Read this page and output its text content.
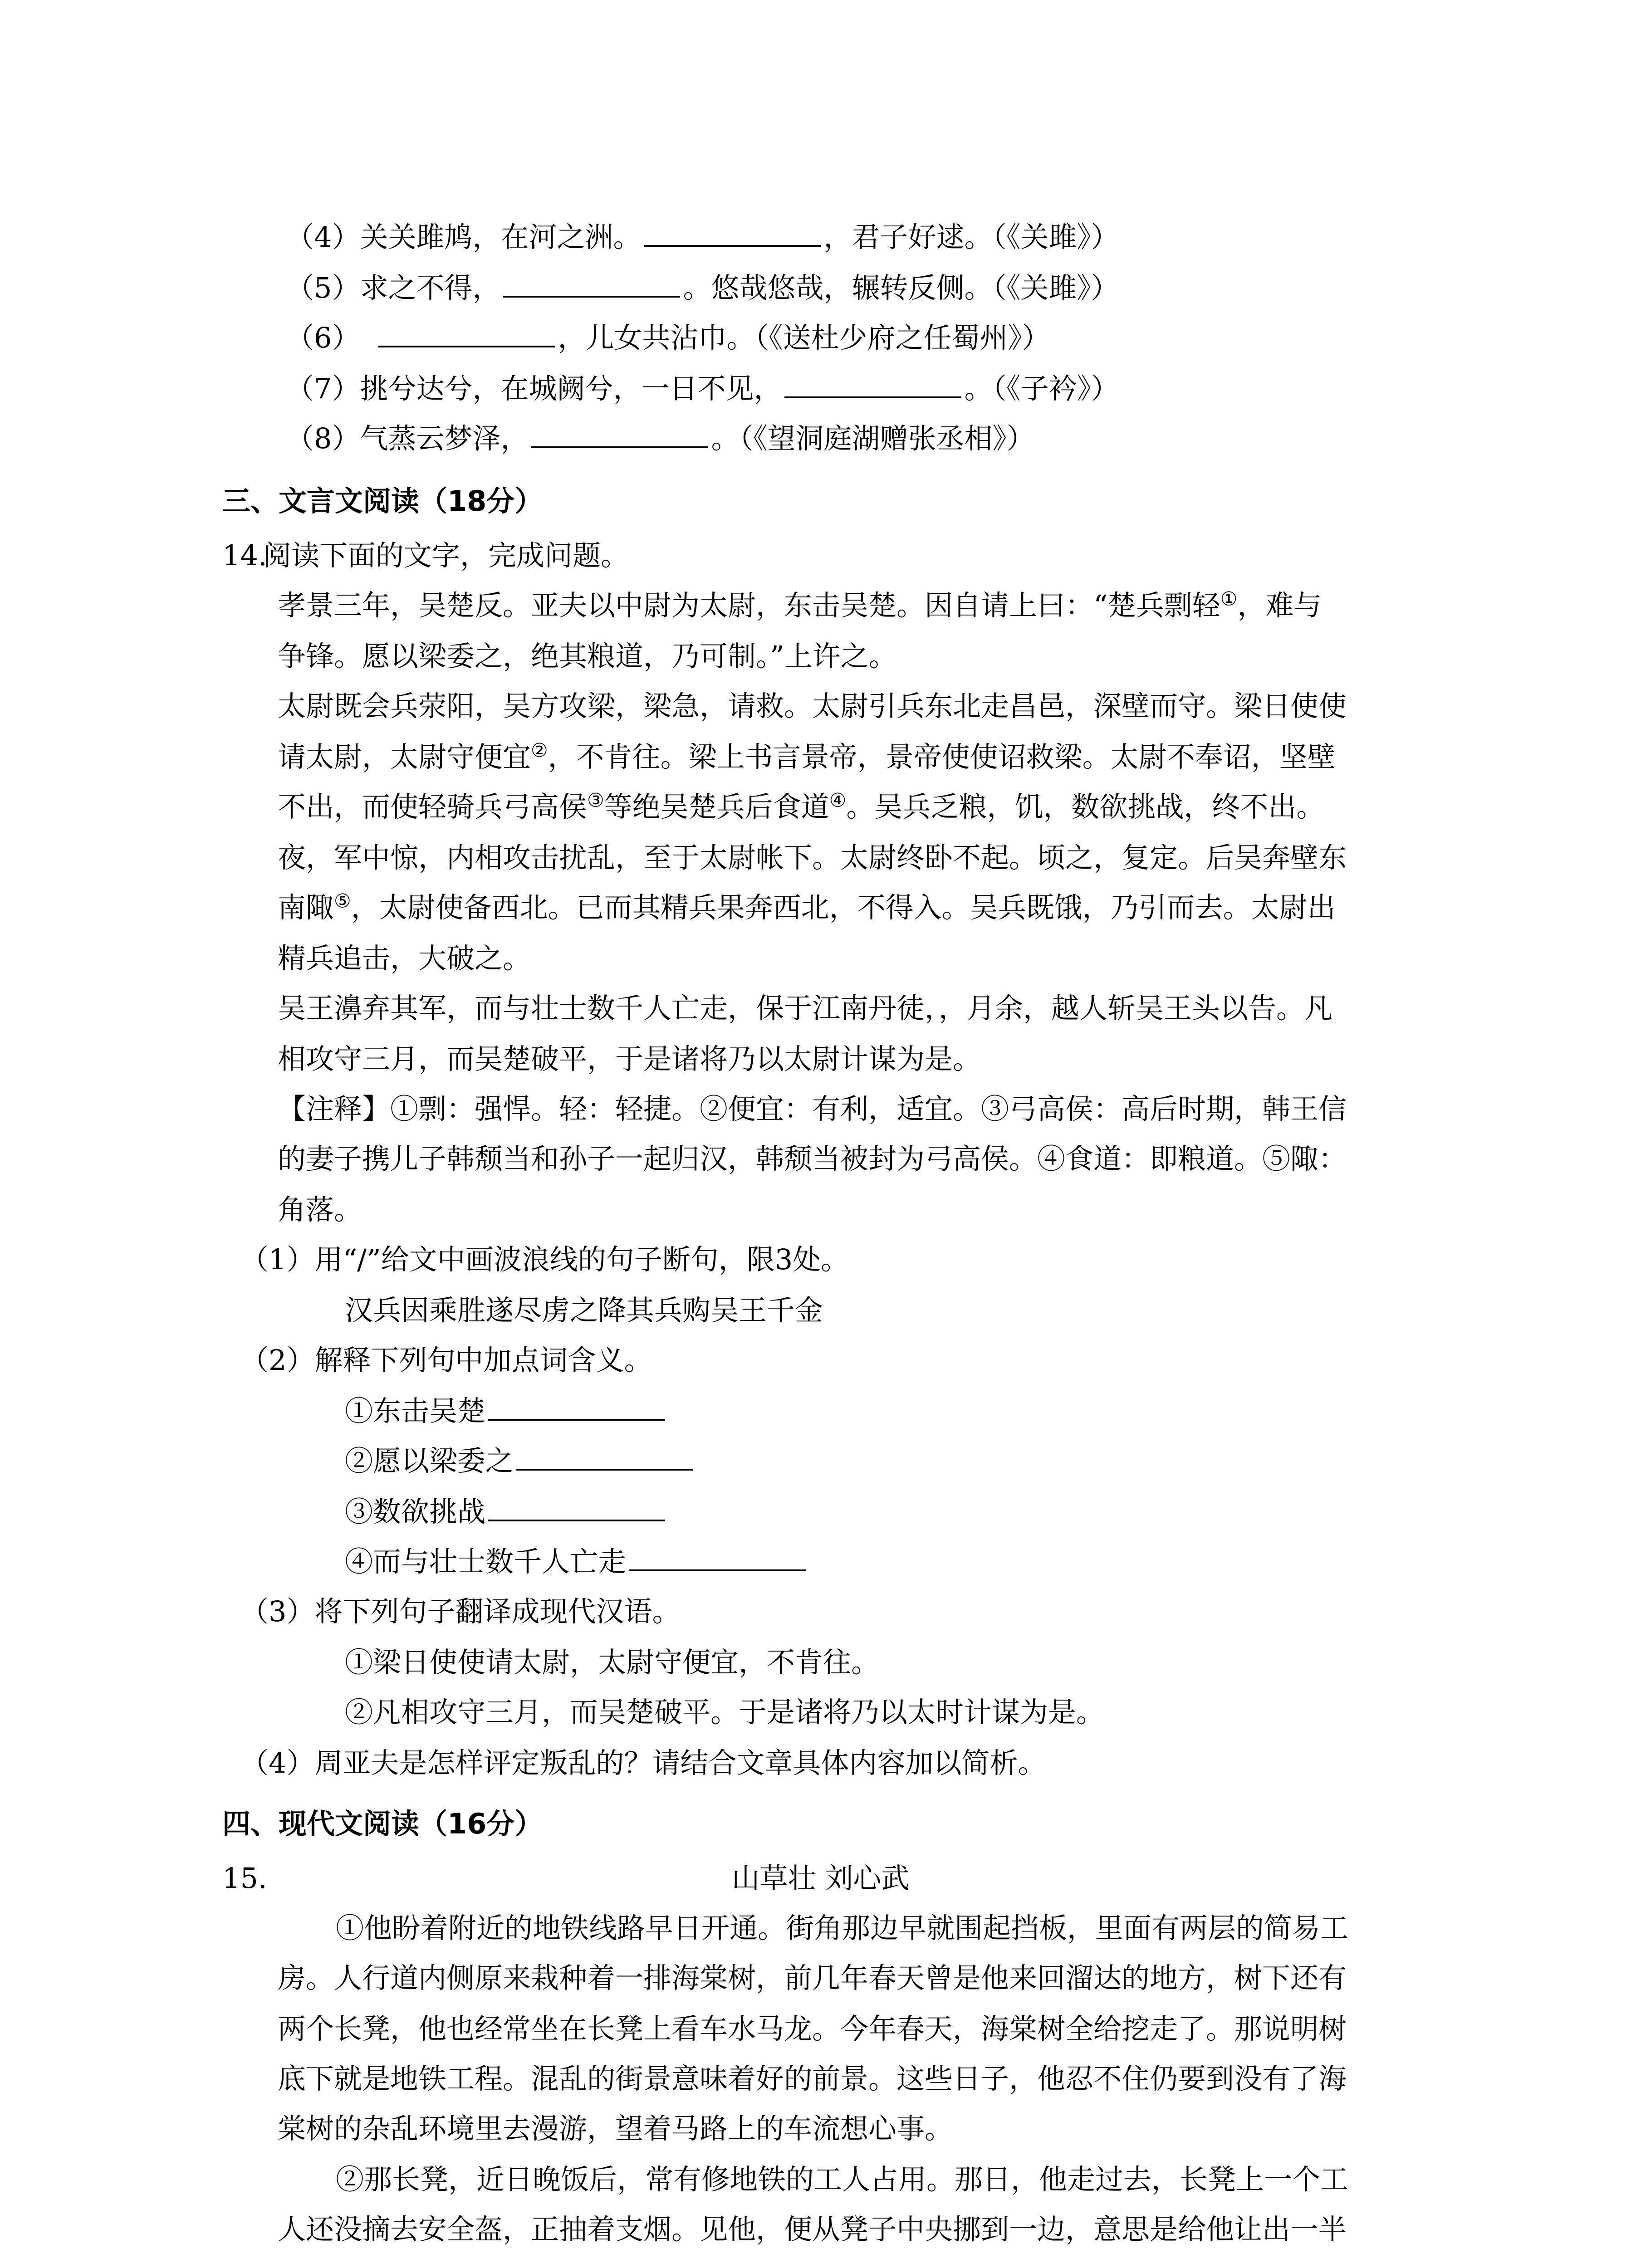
（4）关关雎鸠，在河之洲。	，君子好逑。（《关雎》）
（5）求之不得，	。悠哉悠哉，辗转反侧。（《关雎》）
（6）	，儿女共沾巾。（《送杜少府之任蜀州》）
（7）挑兮达兮，在城阙兮，一日不见，	。（《子衿》）
（8）气蒸云梦泽，	。（《望洞庭湖赠张丞相》）
三、文言文阅读（18分）
14.
阅读下面的文字，完成问题。
孝景三年，吴楚反。亚夫以中尉为太尉，东击吴楚。因自请上曰：“楚兵剽轻①，难与
争锋。愿以梁委之，绝其粮道，乃可制。”上许之。
太尉既会兵荥阳，吴方攻梁，梁急，请救。太尉引兵东北走昌邑，深壁而守。梁日使使
请太尉，太尉守便宜②，不肯往。梁上书言景帝，景帝使使诏救梁。太尉不奉诏，坚壁
不出，而使轻骑兵弓高侯③等绝吴楚兵后食道④。吴兵乏粮，饥，数欲挑战，终不出。
夜，军中惊，内相攻击扰乱，至于太尉帐下。太尉终卧不起。顷之，复定。后吴奔壁东
南陬⑤，太尉使备西北。已而其精兵果奔西北，不得入。吴兵既饿，乃引而去。太尉出
精兵追击，大破之。
吴王濞弃其军，而与壮士数千人亡走，保于江南丹徒，，月余，越人斩吴王头以告。凡
相攻守三月，而吴楚破平，于是诸将乃以太尉计谋为是。
【注释】①剽：强悍。轻：轻捷。②便宜：有利，适宜。③弓高侯：高后时期，韩王信
的妻子携儿子韩颓当和孙子一起归汉，韩颓当被封为弓高侯。④食道：即粮道。⑤陬：
角落。
（1）用“/”给文中画波浪线的句子断句，限3处。
汉兵因乘胜遂尽虏之降其兵购吴王千金
（2）解释下列句中加点词含义。
①东击吴楚
②愿以梁委之
③数欲挑战
④而与壮士数千人亡走
（3）将下列句子翻译成现代汉语。
①梁日使使请太尉，太尉守便宜，不肯往。
②凡相攻守三月，而吴楚破平。于是诸将乃以太时计谋为是。
（4）周亚夫是怎样评定叛乱的？请结合文章具体内容加以简析。
四、现代文阅读（16分）
15.	山草壮 刘心武
①他盼着附近的地铁线路早日开通。街角那边早就围起挡板，里面有两层的简易工
房。人行道内侧原来栽种着一排海棠树，前几年春天曾是他来回溜达的地方，树下还有
两个长凳，他也经常坐在长凳上看车水马龙。今年春天，海棠树全给挖走了。那说明树
底下就是地铁工程。混乱的街景意味着好的前景。这些日子，他忍不住仍要到没有了海
棠树的杂乱环境里去漫游，望着马路上的车流想心事。
②那长凳，近日晚饭后，常有修地铁的工人占用。那日，他走过去，长凳上一个工
人还没摘去安全盔，正抽着支烟。见他，便从凳子中央挪到一边，意思是给他让出一半
